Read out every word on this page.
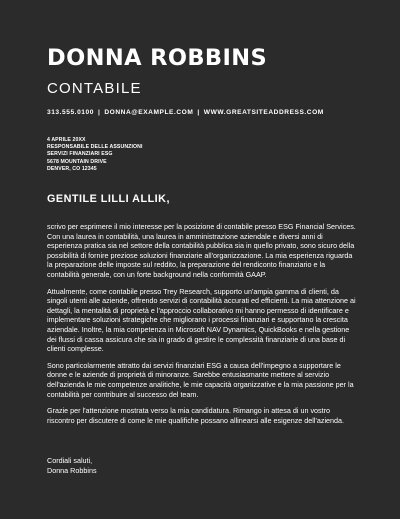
DONNA ROBBINS
CONTABILE
313.555.0100 | DONNA@EXAMPLE.COM | WWW.GREATSITEADDRESS.COM
4 APRILE 20XX
RESPONSABILE DELLE ASSUNZIONI
SERVIZI FINANZIARI ESG
5678 MOUNTAIN DRIVE
DENVER, CO 12345
GENTILE LILLI ALLIK,

scrivo per esprimere il mio interesse per la posizione di contabile presso ESG Financial Services. Con una laurea in contabilità, una laurea in amministrazione aziendale e diversi anni di esperienza pratica sia nel settore della contabilità pubblica sia in quello privato, sono sicuro della possibilità di fornire preziose soluzioni finanziarie all'organizzazione. La mia esperienza riguarda la preparazione delle imposte sul reddito, la preparazione del rendiconto finanziario e la contabilità generale, con un forte background nella conformità GAAP.

Attualmente, come contabile presso Trey Research, supporto un'ampia gamma di clienti, da singoli utenti alle aziende, offrendo servizi di contabilità accurati ed efficienti. La mia attenzione ai dettagli, la mentalità di proprietà e l'approccio collaborativo mi hanno permesso di identificare e implementare soluzioni strategiche che migliorano i processi finanziari e supportano la crescita aziendale. Inoltre, la mia competenza in Microsoft NAV Dynamics, QuickBooks e nella gestione dei flussi di cassa assicura che sia in grado di gestire le complessità finanziarie di una base di clienti complesse.

Sono particolarmente attratto dai servizi finanziari ESG a causa dell'impegno a supportare le donne e le aziende di proprietà di minoranze. Sarebbe entusiasmante mettere al servizio dell'azienda le mie competenze analitiche, le mie capacità organizzative e la mia passione per la contabilità per contribuire al successo del team.

Grazie per l'attenzione mostrata verso la mia candidatura. Rimango in attesa di un vostro riscontro per discutere di come le mie qualifiche possano allinearsi alle esigenze dell'azienda.

Cordiali saluti,
Donna Robbins
